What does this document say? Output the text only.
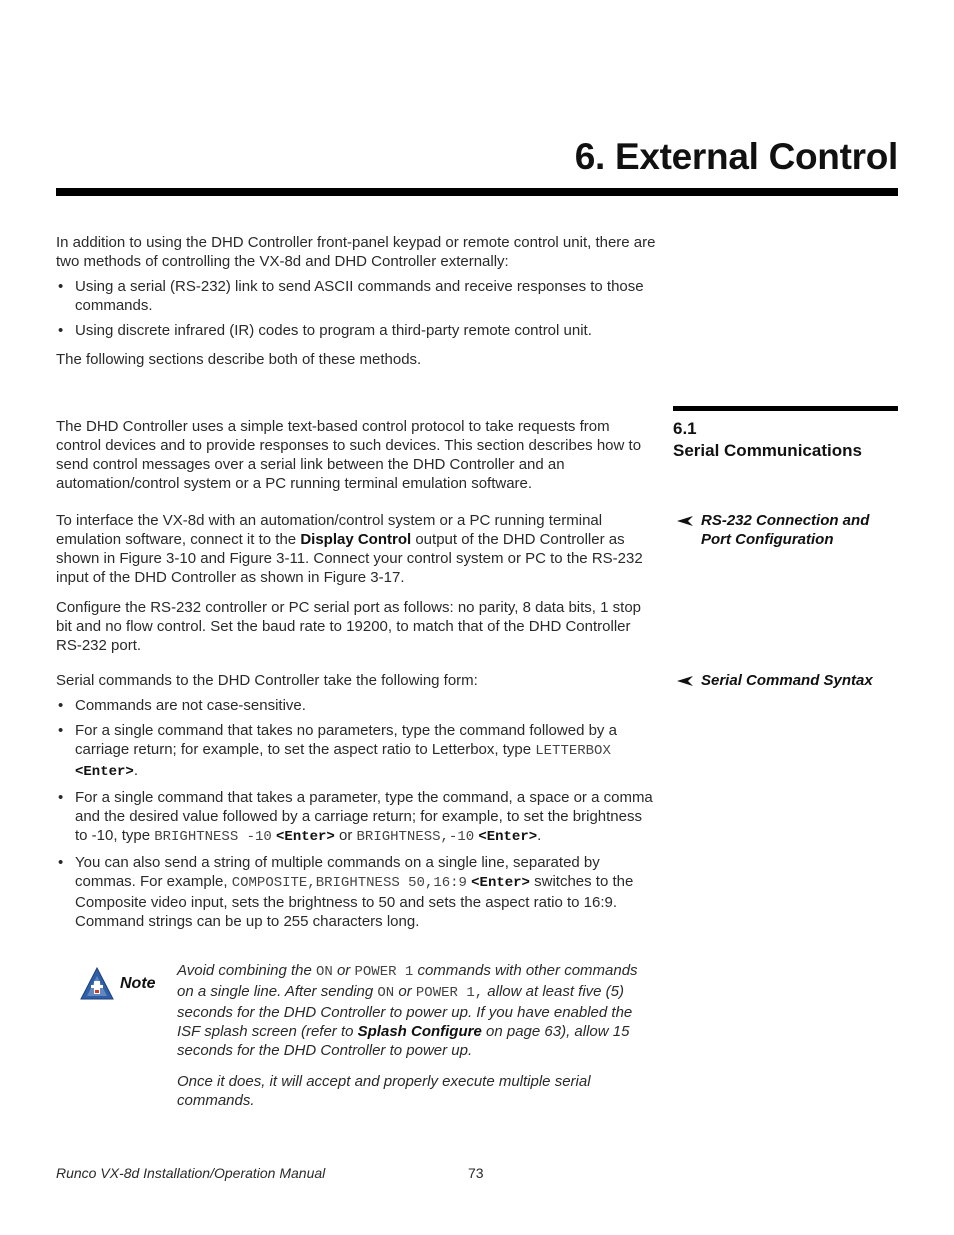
6. External Control

In addition to using the DHD Controller front-panel keypad or remote control unit, there are two methods of controlling the VX-8d and DHD Controller externally:

• Using a serial (RS-232) link to send ASCII commands and receive responses to those commands.
• Using discrete infrared (IR) codes to program a third-party remote control unit.

The following sections describe both of these methods.

6.1
Serial Communications

The DHD Controller uses a simple text-based control protocol to take requests from control devices and to provide responses to such devices. This section describes how to send control messages over a serial link between the DHD Controller and an automation/control system or a PC running terminal emulation software.

RS-232 Connection and
Port Configuration

To interface the VX-8d with an automation/control system or a PC running terminal emulation software, connect it to the Display Control output of the DHD Controller as shown in Figure 3-10 and Figure 3-11. Connect your control system or PC to the RS-232 input of the DHD Controller as shown in Figure 3-17.

Configure the RS-232 controller or PC serial port as follows: no parity, 8 data bits, 1 stop bit and no flow control. Set the baud rate to 19200, to match that of the DHD Controller RS-232 port.

Serial Command Syntax

Serial commands to the DHD Controller take the following form:

• Commands are not case-sensitive.
• For a single command that takes no parameters, type the command followed by a carriage return; for example, to set the aspect ratio to Letterbox, type LETTERBOX <Enter>.
• For a single command that takes a parameter, type the command, a space or a comma and the desired value followed by a carriage return; for example, to set the brightness to -10, type BRIGHTNESS -10 <Enter> or BRIGHTNESS,-10 <Enter>.
• You can also send a string of multiple commands on a single line, separated by commas. For example, COMPOSITE,BRIGHTNESS 50,16:9 <Enter> switches to the Composite video input, sets the brightness to 50 and sets the aspect ratio to 16:9. Command strings can be up to 255 characters long.
Note

Avoid combining the ON or POWER 1 commands with other commands on a single line. After sending ON or POWER 1, allow at least five (5) seconds for the DHD Controller to power up. If you have enabled the ISF splash screen (refer to Splash Configure on page 63), allow 15 seconds for the DHD Controller to power up.

Once it does, it will accept and properly execute multiple serial commands.

Runco VX-8d Installation/Operation Manual	73
